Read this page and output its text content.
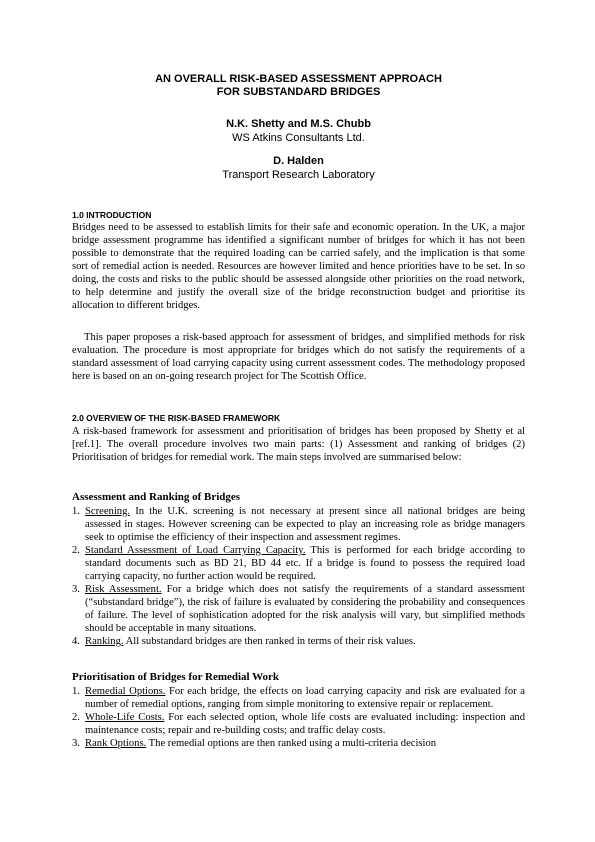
AN OVERALL RISK-BASED ASSESSMENT APPROACH
FOR SUBSTANDARD BRIDGES
N.K. Shetty and M.S. Chubb
WS Atkins Consultants Ltd.
D. Halden
Transport Research Laboratory
1.0 INTRODUCTION

Bridges need to be assessed to establish limits for their safe and economic operation. In the UK, a major bridge assessment programme has identified a significant number of bridges for which it has not been possible to demonstrate that the required loading can be carried safely, and the implication is that some sort of remedial action is needed. Resources are however limited and hence priorities have to be set. In so doing, the costs and risks to the public should be assessed alongside other priorities on the road network, to help determine and justify the overall size of the bridge reconstruction budget and prioritise its allocation to different bridges.

This paper proposes a risk-based approach for assessment of bridges, and simplified methods for risk evaluation. The procedure is most appropriate for bridges which do not satisfy the requirements of a standard assessment of load carrying capacity using current assessment codes. The methodology proposed here is based on an on-going research project for The Scottish Office.

2.0 OVERVIEW OF THE RISK-BASED FRAMEWORK

A risk-based framework for assessment and prioritisation of bridges has been proposed by Shetty et al [ref.1]. The overall procedure involves two main parts: (1) Assessment and ranking of bridges (2) Prioritisation of bridges for remedial work. The main steps involved are summarised below:

Assessment and Ranking of Bridges
1. Screening. In the U.K. screening is not necessary at present since all national bridges are being assessed in stages. However screening can be expected to play an increasing role as bridge managers seek to optimise the efficiency of their inspection and assessment regimes.
2. Standard Assessment of Load Carrying Capacity. This is performed for each bridge according to standard documents such as BD 21, BD 44 etc. If a bridge is found to possess the required load carrying capacity, no further action would be required.
3. Risk Assessment. For a bridge which does not satisfy the requirements of a standard assessment (“substandard bridge”), the risk of failure is evaluated by considering the probability and consequences of failure. The level of sophistication adopted for the risk analysis will vary, but simplified methods should be acceptable in many situations.
4. Ranking. All substandard bridges are then ranked in terms of their risk values.
Prioritisation of Bridges for Remedial Work
1. Remedial Options. For each bridge, the effects on load carrying capacity and risk are evaluated for a number of remedial options, ranging from simple monitoring to extensive repair or replacement.
2. Whole-Life Costs. For each selected option, whole life costs are evaluated including: inspection and maintenance costs; repair and re-building costs; and traffic delay costs.
3. Rank Options. The remedial options are then ranked using a multi-criteria decision
